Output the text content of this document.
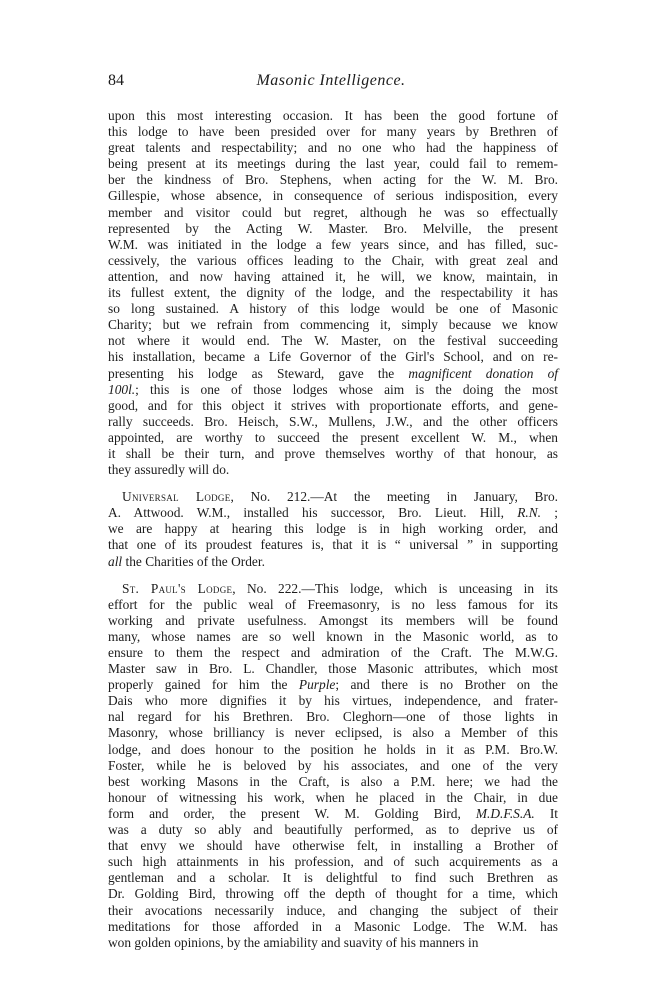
84	Masonic Intelligence.
upon this most interesting occasion. It has been the good fortune of
this lodge to have been presided over for many years by Brethren of
great talents and respectability; and no one who had the happiness of
being present at its meetings during the last year, could fail to remem-
ber the kindness of Bro. Stephens, when acting for the W. M. Bro.
Gillespie, whose absence, in consequence of serious indisposition, every
member and visitor could but regret, although he was so effectually
represented by the Acting W. Master. Bro. Melville, the present
W.M. was initiated in the lodge a few years since, and has filled, suc-
cessively, the various offices leading to the Chair, with great zeal and
attention, and now having attained it, he will, we know, maintain, in
its fullest extent, the dignity of the lodge, and the respectability it has
so long sustained. A history of this lodge would be one of Masonic
Charity; but we refrain from commencing it, simply because we know
not where it would end. The W. Master, on the festival succeeding
his installation, became a Life Governor of the Girl's School, and on re-
presenting his lodge as Steward, gave the magnificent donation of
100l.; this is one of those lodges whose aim is the doing the most
good, and for this object it strives with proportionate efforts, and gene-
rally succeeds. Bro. Heisch, S.W., Mullens, J.W., and the other officers
appointed, are worthy to succeed the present excellent W. M., when
it shall be their turn, and prove themselves worthy of that honour, as
they assuredly will do.
Universal Lodge, No. 212.—At the meeting in January, Bro.
A. Attwood. W.M., installed his successor, Bro. Lieut. Hill, R.N. ;
we are happy at hearing this lodge is in high working order, and
that one of its proudest features is, that it is “ universal ” in supporting
all the Charities of the Order.
St. Paul's Lodge, No. 222.—This lodge, which is unceasing in its
effort for the public weal of Freemasonry, is no less famous for its
working and private usefulness. Amongst its members will be found
many, whose names are so well known in the Masonic world, as to
ensure to them the respect and admiration of the Craft. The M.W.G.
Master saw in Bro. L. Chandler, those Masonic attributes, which most
properly gained for him the Purple; and there is no Brother on the
Dais who more dignifies it by his virtues, independence, and frater-
nal regard for his Brethren. Bro. Cleghorn—one of those lights in
Masonry, whose brilliancy is never eclipsed, is also a Member of this
lodge, and does honour to the position he holds in it as P.M. Bro.W.
Foster, while he is beloved by his associates, and one of the very
best working Masons in the Craft, is also a P.M. here; we had the
honour of witnessing his work, when he placed in the Chair, in due
form and order, the present W. M. Golding Bird, M.D.F.S.A. It
was a duty so ably and beautifully performed, as to deprive us of
that envy we should have otherwise felt, in installing a Brother of
such high attainments in his profession, and of such acquirements as a
gentleman and a scholar. It is delightful to find such Brethren as
Dr. Golding Bird, throwing off the depth of thought for a time, which
their avocations necessarily induce, and changing the subject of their
meditations for those afforded in a Masonic Lodge. The W.M. has
won golden opinions, by the amiability and suavity of his manners in
